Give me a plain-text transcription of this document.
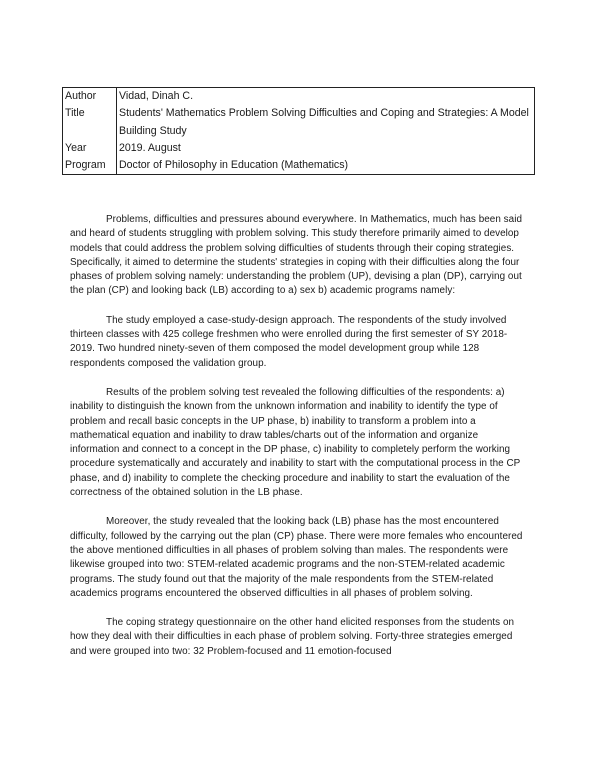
Author	Vidad, Dinah C.
Title	Students' Mathematics Problem Solving Difficulties and Coping and Strategies: A Model Building Study
Year	2019. August
Program	Doctor of Philosophy in Education (Mathematics)

Problems, difficulties and pressures abound everywhere. In Mathematics, much has been said and heard of students struggling with problem solving. This study therefore primarily aimed to develop models that could address the problem solving difficulties of students through their coping strategies. Specifically, it aimed to determine the students' strategies in coping with their difficulties along the four phases of problem solving namely: understanding the problem (UP), devising a plan (DP), carrying out the plan (CP) and looking back (LB) according to a) sex b) academic programs namely:

The study employed a case-study-design approach. The respondents of the study involved thirteen classes with 425 college freshmen who were enrolled during the first semester of SY 2018-2019. Two hundred ninety-seven of them composed the model development group while 128 respondents composed the validation group.

Results of the problem solving test revealed the following difficulties of the respondents: a) inability to distinguish the known from the unknown information and inability to identify the type of problem and recall basic concepts in the UP phase, b) inability to transform a problem into a mathematical equation and inability to draw tables/charts out of the information and organize information and connect to a concept in the DP phase, c) inability to completely perform the working procedure systematically and accurately and inability to start with the computational process in the CP phase, and d) inability to complete the checking procedure and inability to start the evaluation of the correctness of the obtained solution in the LB phase.

Moreover, the study revealed that the looking back (LB) phase has the most encountered difficulty, followed by the carrying out the plan (CP) phase. There were more females who encountered the above mentioned difficulties in all phases of problem solving than males. The respondents were likewise grouped into two: STEM-related academic programs and the non-STEM-related academic programs. The study found out that the majority of the male respondents from the STEM-related academics programs encountered the observed difficulties in all phases of problem solving.

The coping strategy questionnaire on the other hand elicited responses from the students on how they deal with their difficulties in each phase of problem solving. Forty-three strategies emerged and were grouped into two: 32 Problem-focused and 11 emotion-focused
